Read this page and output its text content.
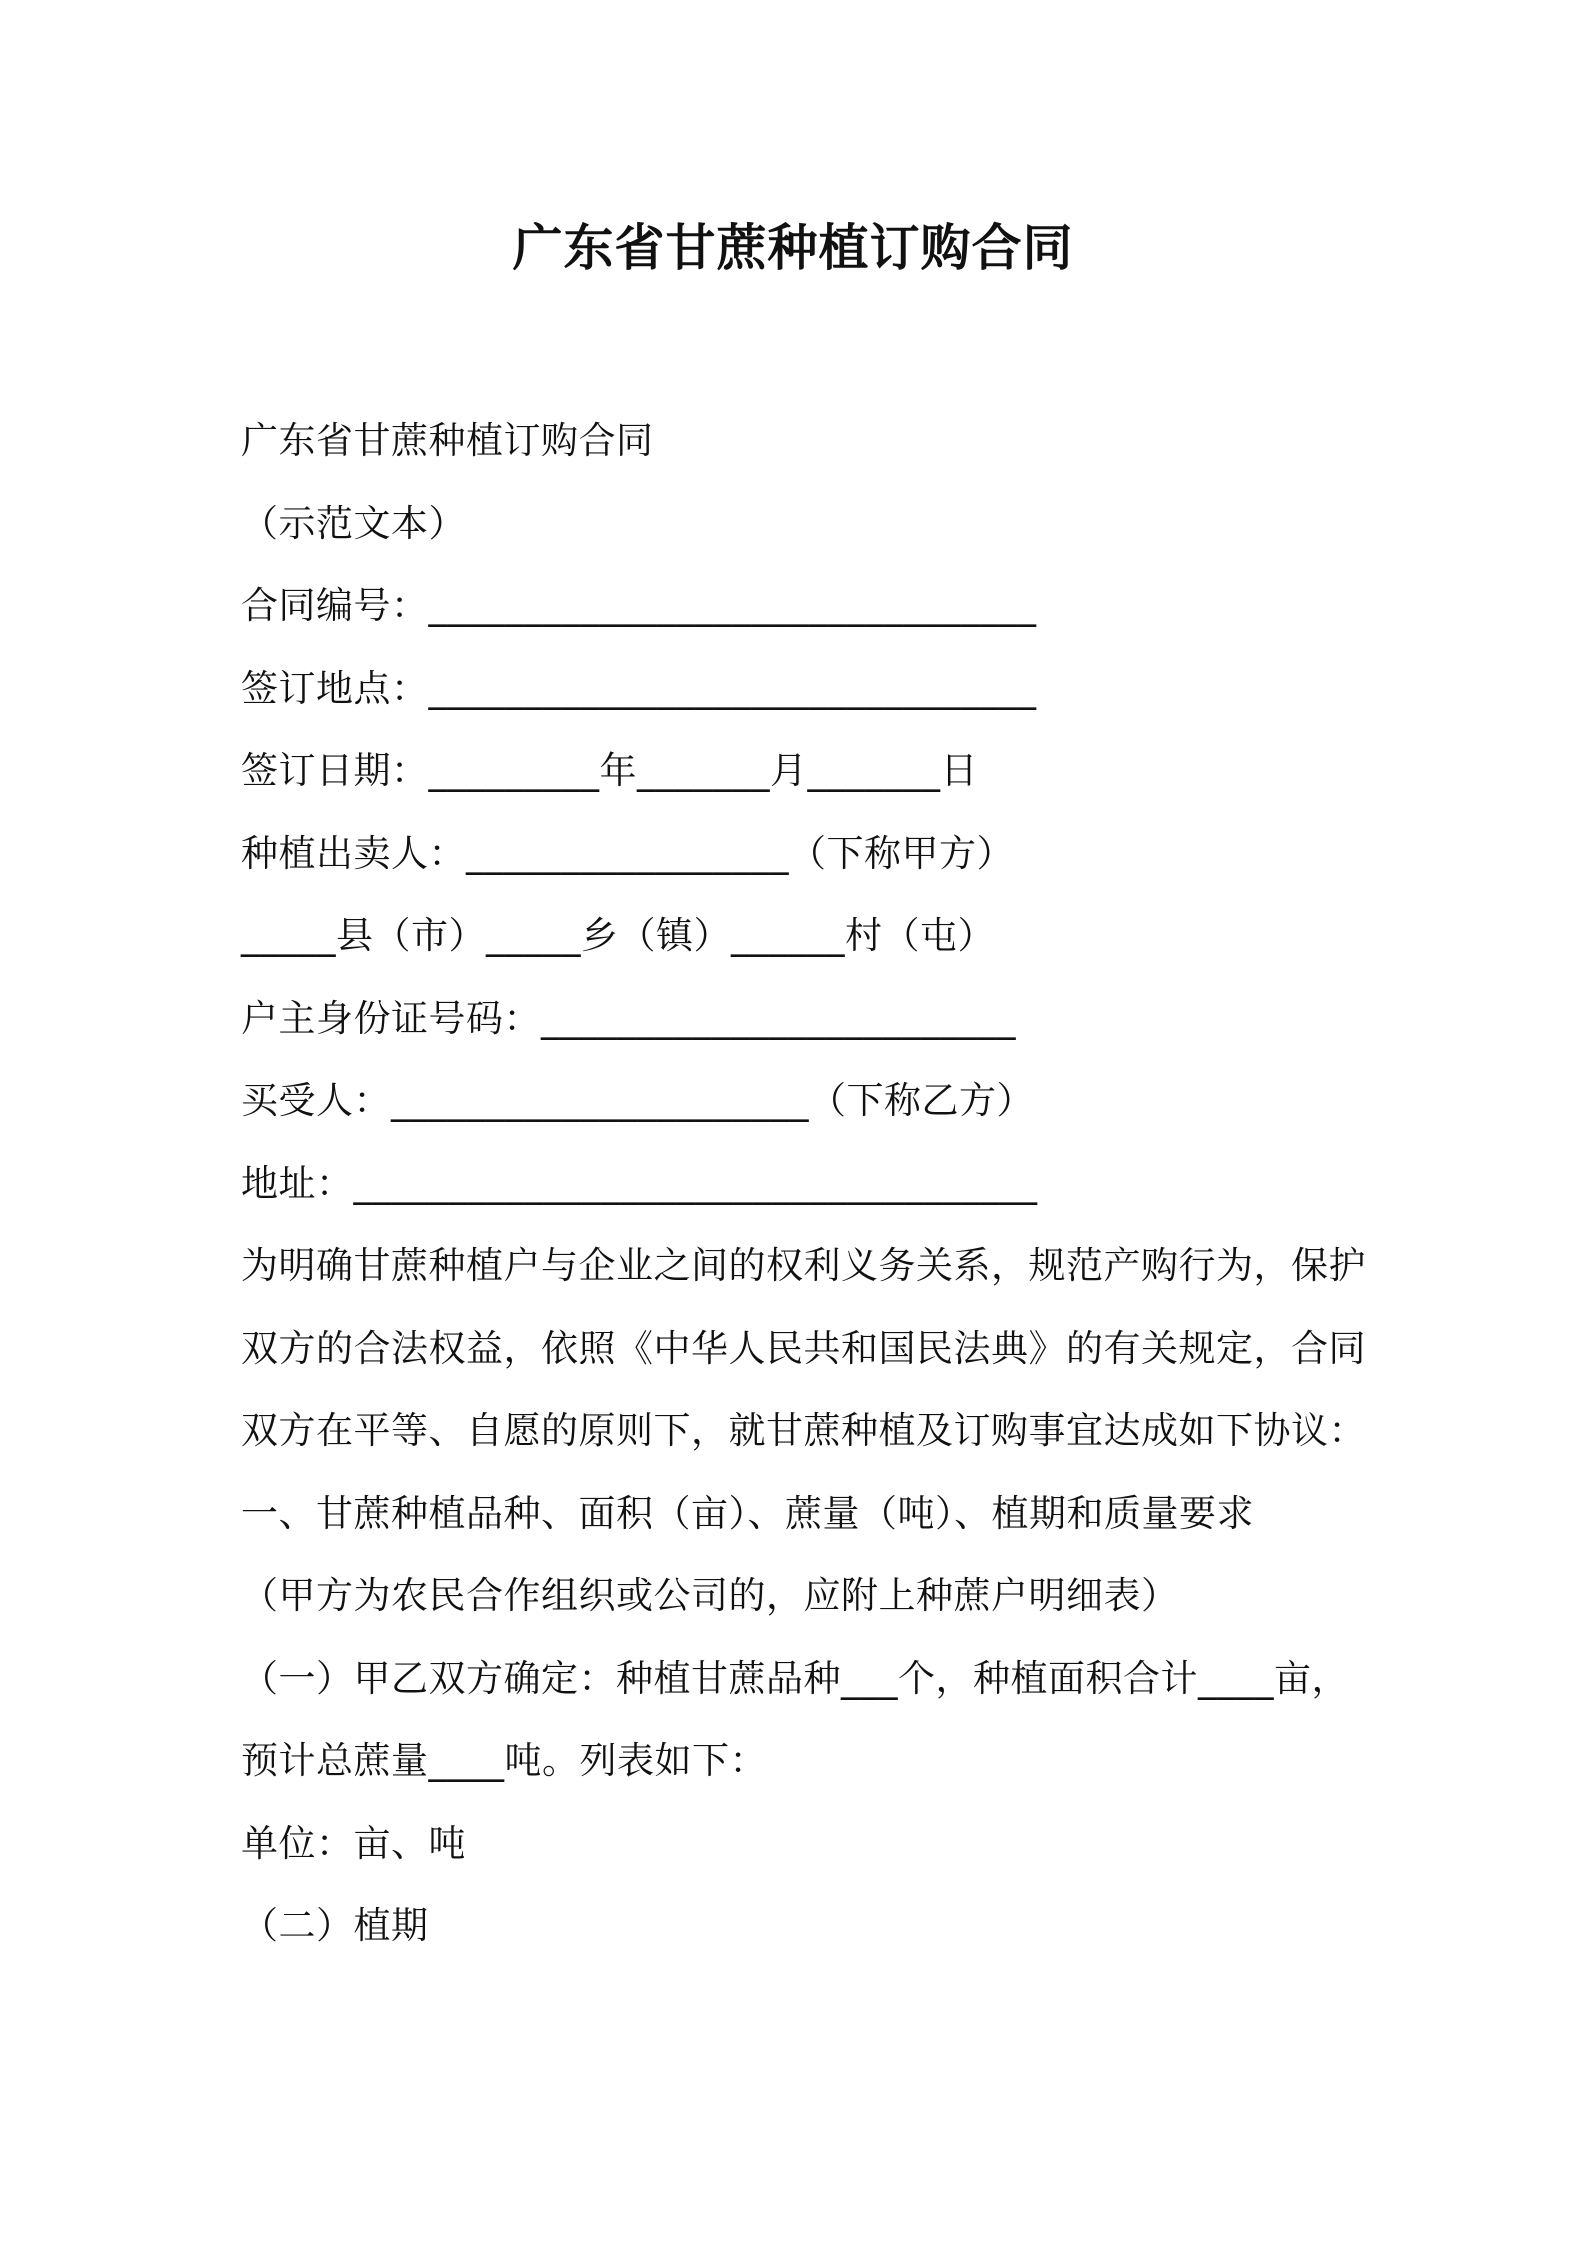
广东省甘蔗种植订购合同

广东省甘蔗种植订购合同

（示范文本）

合同编号：________________________________

签订地点：________________________________

签订日期：_________年_______月_______日

种植出卖人：_________________（下称甲方）

_____县（市）_____乡（镇）______村（屯）

户主身份证号码：_________________________

买受人：______________________（下称乙方）

地址：____________________________________

为明确甘蔗种植户与企业之间的权利义务关系，规范产购行为，保护

双方的合法权益，依照《中华人民共和国民法典》的有关规定，合同

双方在平等、自愿的原则下，就甘蔗种植及订购事宜达成如下协议：

一、甘蔗种植品种、面积（亩）、蔗量（吨）、植期和质量要求

（甲方为农民合作组织或公司的，应附上种蔗户明细表）

（一）甲乙双方确定：种植甘蔗品种___个，种植面积合计____亩，

预计总蔗量____吨。列表如下：

单位：亩、吨

（二）植期
